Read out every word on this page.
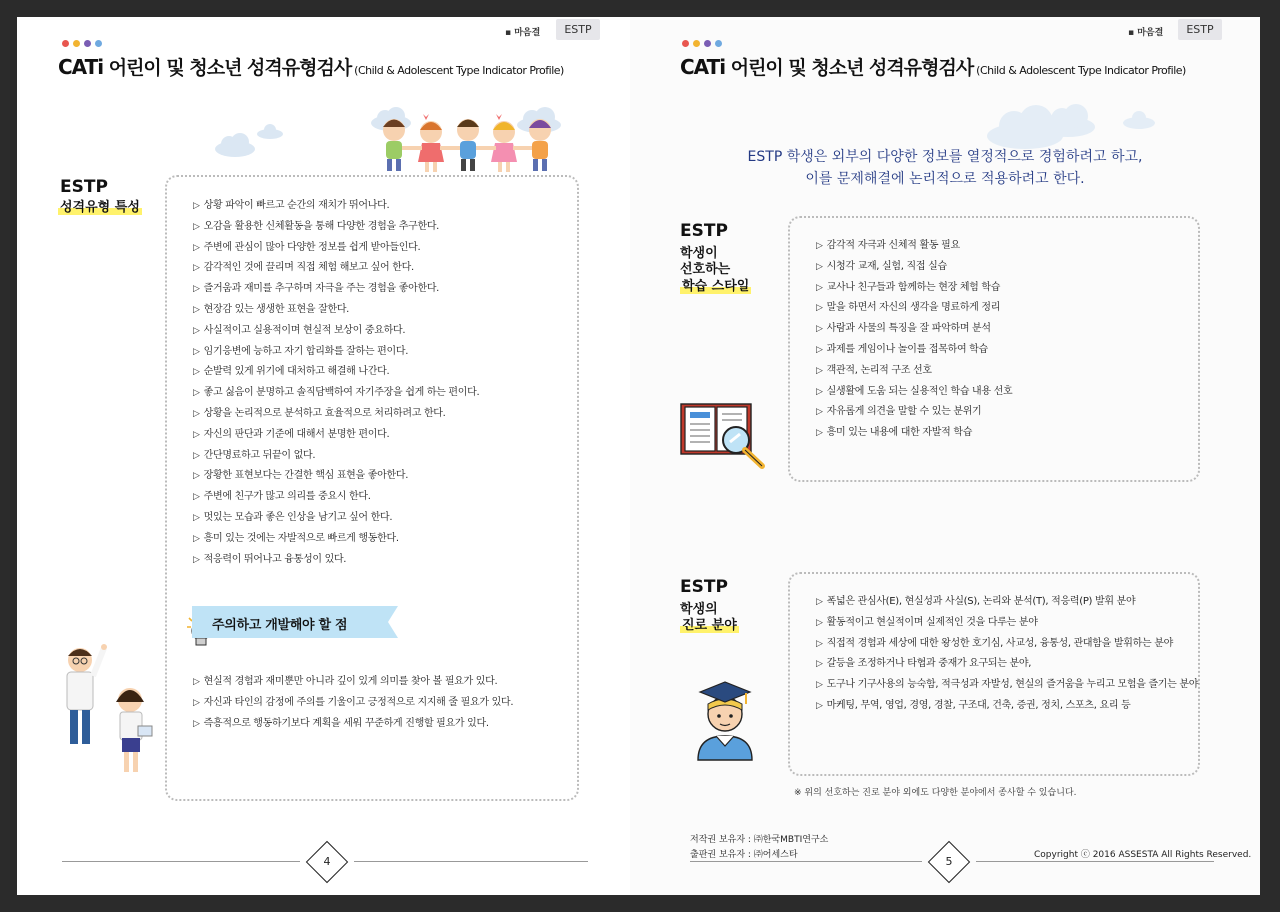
CATi 어린이 및 청소년 성격유형검사 (Child & Adolescent Type Indicator Profile)
▪ 마음결	ESTP
ESTP
성격유형 특성	▷ 상황 파악이 빠르고 순간의 재치가 뛰어나다.
▷ 오감을 활용한 신체활동을 통해 다양한 경험을 추구한다.
▷ 주변에 관심이 많아 다양한 정보를 쉽게 받아들인다.
▷ 감각적인 것에 끌리며 직접 체험 해보고 싶어 한다.
▷ 즐거움과 재미를 추구하며 자극을 주는 경험을 좋아한다.
▷ 현장감 있는 생생한 표현을 잘한다.
▷ 사실적이고 실용적이며 현실적 보상이 중요하다.
▷ 임기응변에 능하고 자기 합리화를 잘하는 편이다.
▷ 순발력 있게 위기에 대처하고 해결해 나간다.
▷ 좋고 싫음이 분명하고 솔직담백하여 자기주장을 쉽게 하는 편이다.
▷ 상황을 논리적으로 분석하고 효율적으로 처리하려고 한다.
▷ 자신의 판단과 기준에 대해서 분명한 편이다.
▷ 간단명료하고 뒤끝이 없다.
▷ 장황한 표현보다는 간결한 핵심 표현을 좋아한다.
▷ 주변에 친구가 많고 의리를 중요시 한다.
▷ 멋있는 모습과 좋은 인상을 남기고 싶어 한다.
▷ 흥미 있는 것에는 자발적으로 빠르게 행동한다.
▷ 적응력이 뛰어나고 융통성이 있다.
주의하고 개발해야 할 점
▷ 현실적 경험과 재미뿐만 아니라 깊이 있게 의미를 찾아 볼 필요가 있다.
▷ 자신과 타인의 감정에 주의를 기울이고 긍정적으로 지지해 줄 필요가 있다.
▷ 즉흥적으로 행동하기보다 계획을 세워 꾸준하게 진행할 필요가 있다.
4
CATi 어린이 및 청소년 성격유형검사 (Child & Adolescent Type Indicator Profile)
▪ 마음결	ESTP
ESTP 학생은 외부의 다양한 정보를 열정적으로 경험하려고 하고,
이를 문제해결에 논리적으로 적용하려고 한다.
ESTP
학생이
선호하는
학습 스타일
▷ 감각적 자극과 신체적 활동 필요
▷ 시청각 교재, 실험, 직접 실습
▷ 교사나 친구들과 함께하는 현장 체험 학습
▷ 말을 하면서 자신의 생각을 명료하게 정리
▷ 사람과 사물의 특징을 잘 파악하며 분석
▷ 과제를 게임이나 놀이를 접목하여 학습
▷ 객관적, 논리적 구조 선호
▷ 실생활에 도움 되는 실용적인 학습 내용 선호
▷ 자유롭게 의견을 말할 수 있는 분위기
▷ 흥미 있는 내용에 대한 자발적 학습
ESTP
학생의
진로 분야
▷ 폭넓은 관심사(E), 현실성과 사실(S), 논리와 분석(T), 적응력(P) 발휘 분야
▷ 활동적이고 현실적이며 실제적인 것을 다루는 분야
▷ 직접적 경험과 세상에 대한 왕성한 호기심, 사교성, 융통성, 관대함을 발휘하는 분야
▷ 갈등을 조정하거나 타협과 중재가 요구되는 분야,
▷ 도구나 기구사용의 능숙함, 적극성과 자발성, 현실의 즐거움을 누리고 모험을 즐기는 분야
▷ 마케팅, 무역, 영업, 경영, 경찰, 구조대, 건축, 증권, 정치, 스포츠, 요리 등
※ 위의 선호하는 진로 분야 외에도 다양한 분야에서 종사할 수 있습니다.
저작권 보유자 : ㈜한국MBTI연구소
출판권 보유자 : ㈜어세스타	Copyright ⓒ 2016 ASSESTA All Rights Reserved.
5
